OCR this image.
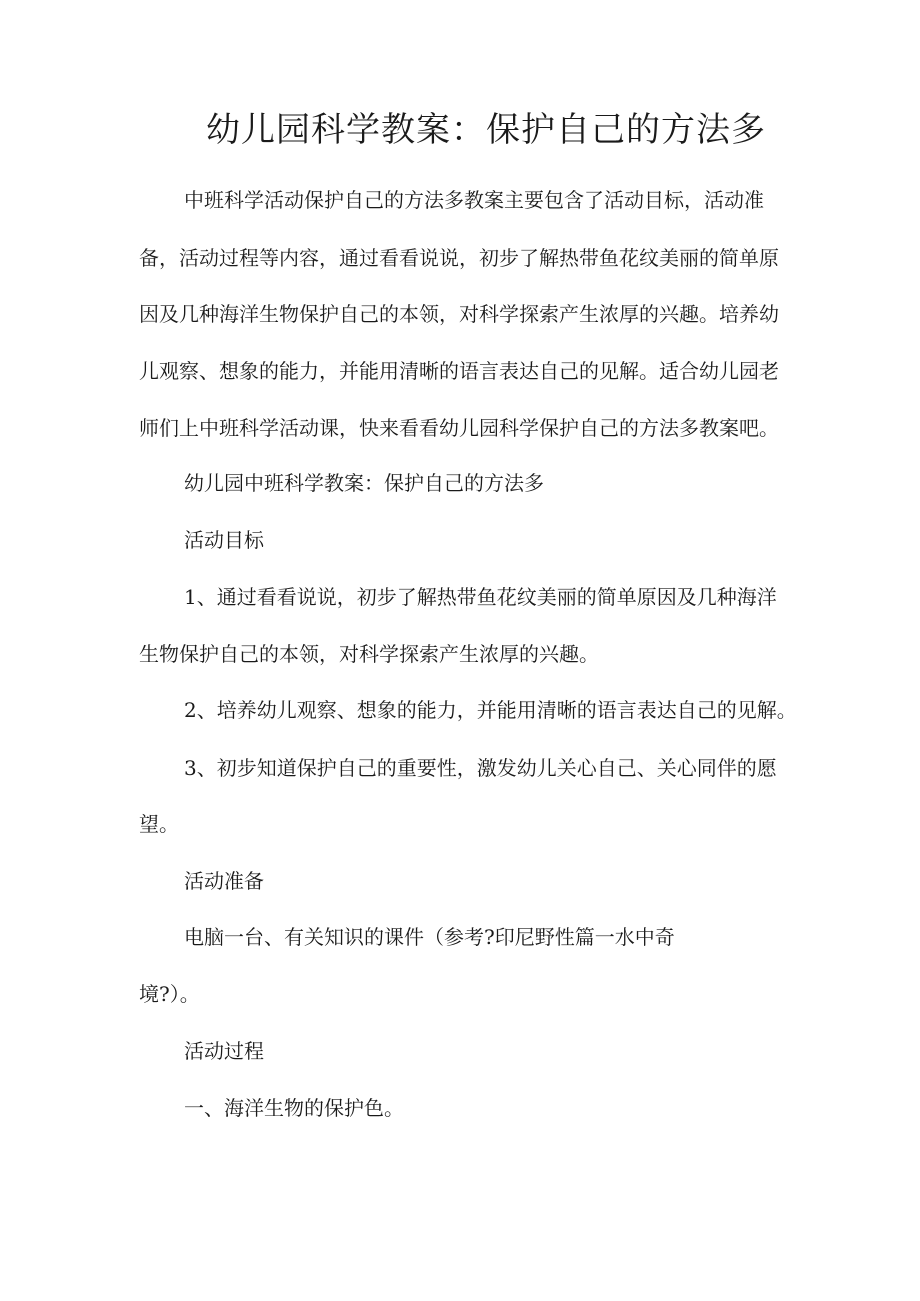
幼儿园科学教案：保护自己的方法多
中班科学活动保护自己的方法多教案主要包含了活动目标，活动准
备，活动过程等内容，通过看看说说，初步了解热带鱼花纹美丽的简单原
因及几种海洋生物保护自己的本领，对科学探索产生浓厚的兴趣。培养幼
儿观察、想象的能力，并能用清晰的语言表达自己的见解。适合幼儿园老
师们上中班科学活动课，快来看看幼儿园科学保护自己的方法多教案吧。
幼儿园中班科学教案：保护自己的方法多
活动目标
1、通过看看说说，初步了解热带鱼花纹美丽的简单原因及几种海洋
生物保护自己的本领，对科学探索产生浓厚的兴趣。
2、培养幼儿观察、想象的能力，并能用清晰的语言表达自己的见解。
3、初步知道保护自己的重要性，激发幼儿关心自己、关心同伴的愿
望。
活动准备
电脑一台、有关知识的课件（参考?印尼野性篇一水中奇
境?）。
活动过程
一、海洋生物的保护色。
